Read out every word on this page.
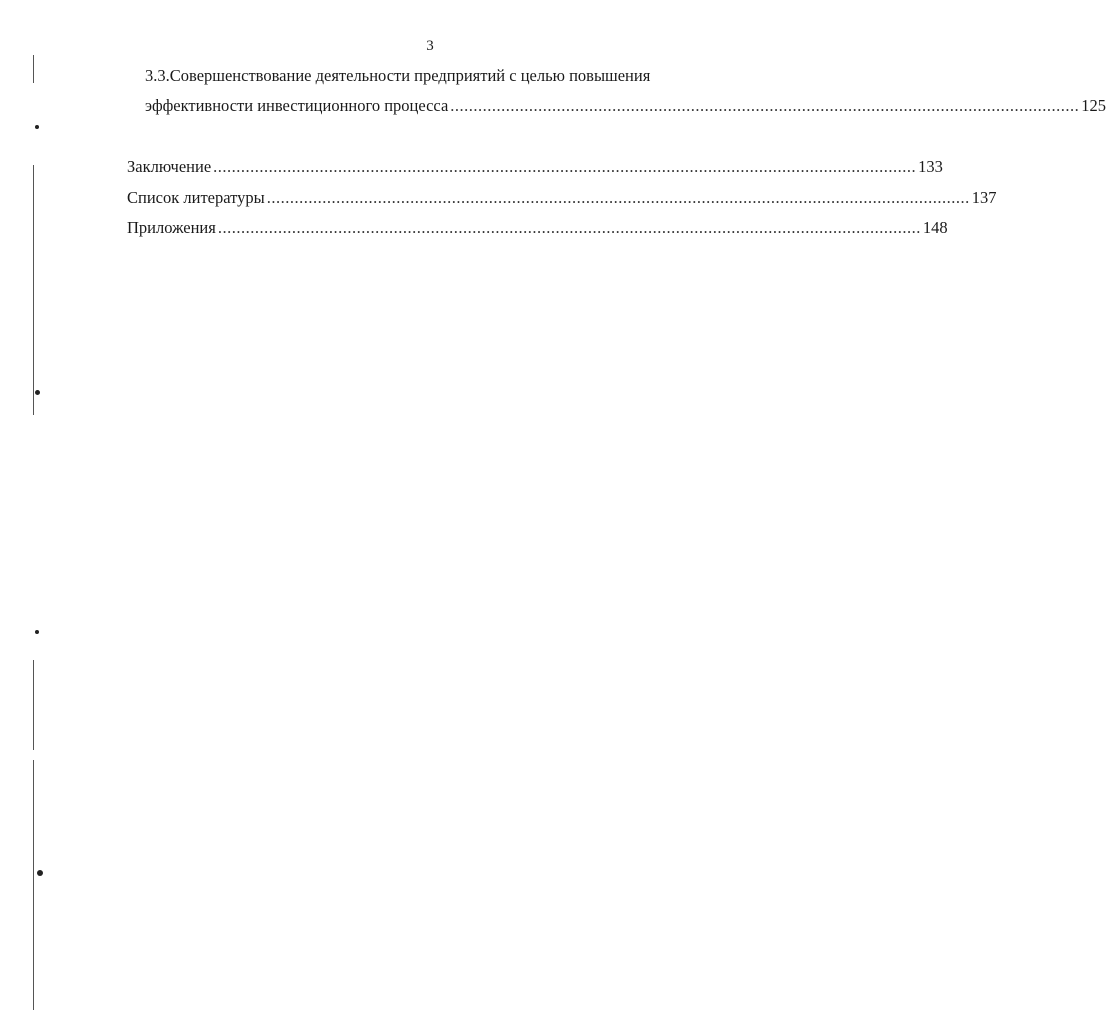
3
3.3.Совершенствование деятельности предприятий с целью повышения
эффективности инвестиционного процесса ........................................................................................................................................ 125
Заключение ........................................................................................................................................................ 133
Список литературы ........................................................................................................................................................ 137
Приложения ........................................................................................................................................................ 148
